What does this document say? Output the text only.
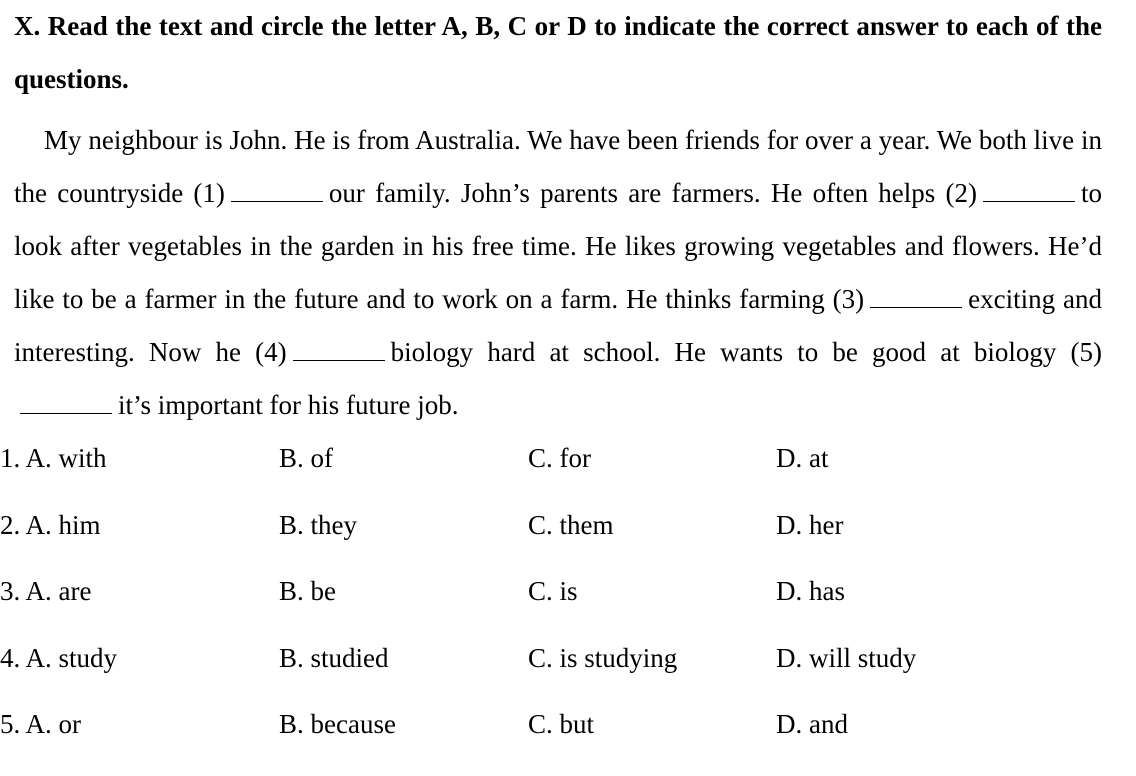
X. Read the text and circle the letter A, B, C or D to indicate the correct answer to each of the questions.

My neighbour is John. He is from Australia. We have been friends for over a year. We both live in the countryside (1)	our family. John’s parents are farmers. He often helps (2)	to look after vegetables in the garden in his free time. He likes growing vegetables and flowers. He’d like to be a farmer in the future and to work on a farm. He thinks farming (3)	exciting and interesting. Now he (4)	biology hard at school. He wants to be good at biology (5)it’s important for his future job.

1. A. with	B. of	C. for	D. at
2. A. him	B. they	C. them	D. her
3. A. are	B. be	C. is	D. has
4. A. study	B. studied	C. is studying	D. will study
5. A. or	B. because	C. but	D. and
